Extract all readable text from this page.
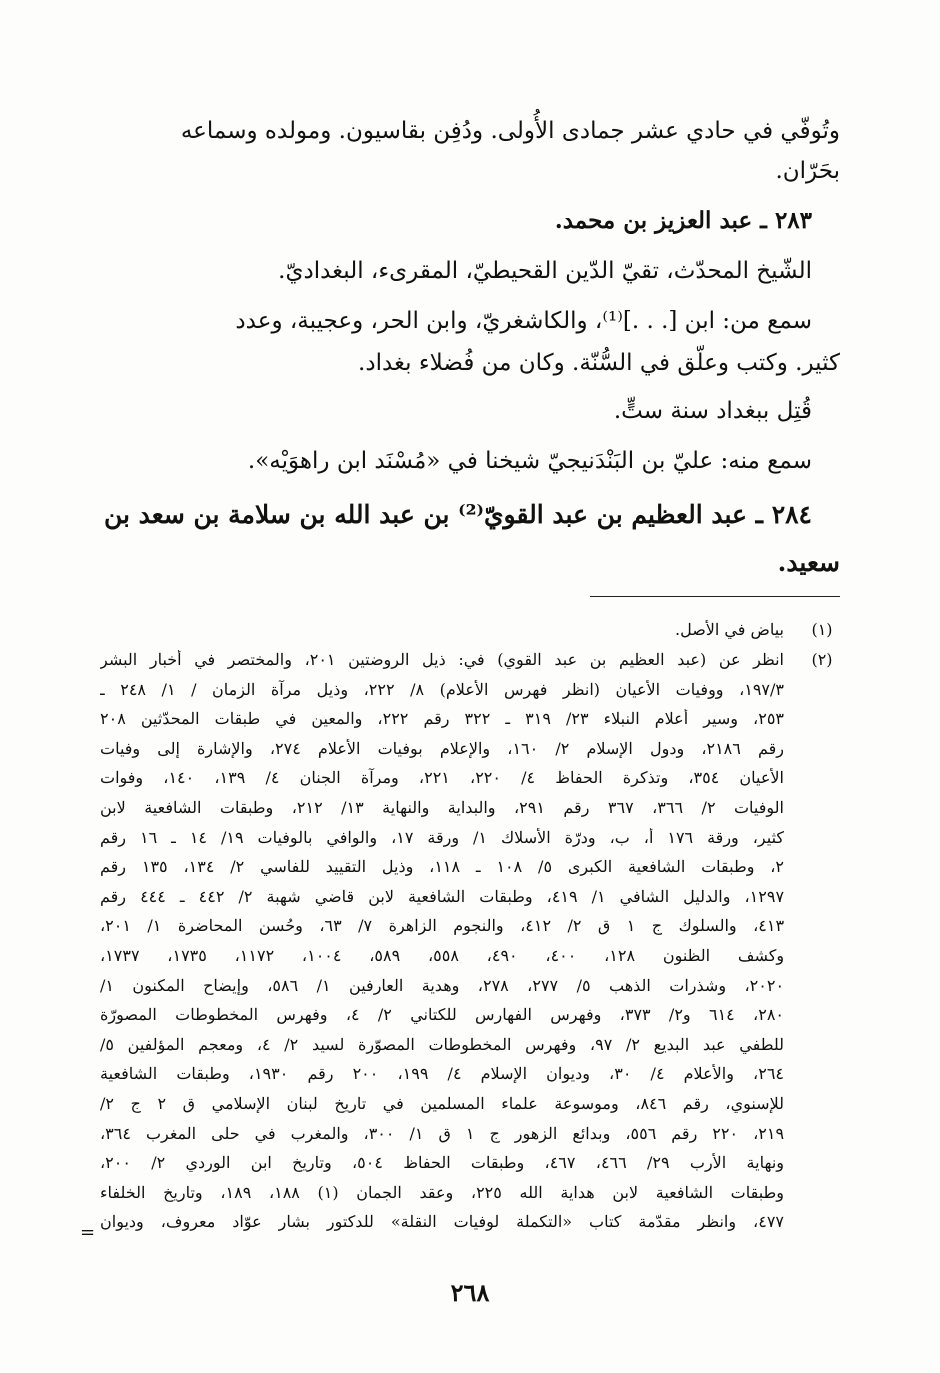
وتُوفّي في حادي عشر جمادى الأُولى. ودُفِن بقاسيون. ومولده وسماعه
بحَرّان.
٢٨٣ ـ عبد العزيز بن محمد.
الشّيخ المحدّث، تقيّ الدّين القحيطيّ، المقرىء، البغداديّ.
سمع من: ابن [. . .]⁽¹⁾، والكاشغريّ، وابن الحر، وعجيبة، وعدد
كثير. وكتب وعلّق في السُّنّة. وكان من فُضلاء بغداد.
قُتِل ببغداد سنة ستٍّ.
سمع منه: عليّ بن البَنْدَنيجيّ شيخنا في «مُسْنَد ابن راهوَيْه».
٢٨٤ ـ عبد العظيم بن عبد القويّ⁽²⁾ بن عبد الله بن سلامة بن سعد بن
سعيد.
(١)
بياض في الأصل.
(٢)
انظر عن (عبد العظيم بن عبد القوي) في: ذيل الروضتين ٢٠١، والمختصر في أخبار البشر
١٩٧/٣، ووفيات الأعيان (انظر فهرس الأعلام) ٨/ ٢٢٢، وذيل مرآة الزمان / ١/ ٢٤٨ ـ
٢٥٣، وسير أعلام النبلاء ٢٣/ ٣١٩ ـ ٣٢٢ رقم ٢٢٢، والمعين في طبقات المحدّثين ٢٠٨
رقم ٢١٨٦، ودول الإسلام ٢/ ١٦٠، والإعلام بوفيات الأعلام ٢٧٤، والإشارة إلى وفيات
الأعيان ٣٥٤، وتذكرة الحفاظ ٤/ ٢٢٠، ٢٢١، ومرآة الجنان ٤/ ١٣٩، ١٤٠، وفوات
الوفيات ٢/ ٣٦٦، ٣٦٧ رقم ٢٩١، والبداية والنهاية ١٣/ ٢١٢، وطبقات الشافعية لابن
كثير، ورقة ١٧٦ أ، ب، ودرّة الأسلاك ١/ ورقة ١٧، والوافي بالوفيات ١٩/ ١٤ ـ ١٦ رقم
٢، وطبقات الشافعية الكبرى ٥/ ١٠٨ ـ ١١٨، وذيل التقييد للفاسي ٢/ ١٣٤، ١٣٥ رقم
١٢٩٧، والدليل الشافي ١/ ٤١٩، وطبقات الشافعية لابن قاضي شهبة ٢/ ٤٤٢ ـ ٤٤٤ رقم
٤١٣، والسلوك ج ١ ق ٢/ ٤١٢، والنجوم الزاهرة ٧/ ٦٣، وحُسن المحاضرة ١/ ٢٠١،
وكشف الظنون ١٢٨، ٤٠٠، ٤٩٠، ٥٥٨، ٥٨٩، ١٠٠٤، ١١٧٢، ١٧٣٥، ١٧٣٧،
٢٠٢٠، وشذرات الذهب ٥/ ٢٧٧، ٢٧٨، وهدية العارفين ١/ ٥٨٦، وإيضاح المكنون ١/
٢٨٠، ٦١٤ و٢/ ٣٧٣، وفهرس الفهارس للكتاني ٢/ ٤، وفهرس المخطوطات المصورّة
للطفي عبد البديع ٢/ ٩٧، وفهرس المخطوطات المصوّرة لسيد ٢/ ٤، ومعجم المؤلفين ٥/
٢٦٤، والأعلام ٤/ ٣٠، وديوان الإسلام ٤/ ١٩٩، ٢٠٠ رقم ١٩٣٠، وطبقات الشافعية
للإسنوي، رقم ٨٤٦، وموسوعة علماء المسلمين في تاريخ لبنان الإسلامي ق ٢ ج ٢/
٢١٩، ٢٢٠ رقم ٥٥٦، وبدائع الزهور ج ١ ق ١/ ٣٠٠، والمغرب في حلى المغرب ٣٦٤،
ونهاية الأرب ٢٩/ ٤٦٦، ٤٦٧، وطبقات الحفاظ ٥٠٤، وتاريخ ابن الوردي ٢/ ٢٠٠،
وطبقات الشافعية لابن هداية الله ٢٢٥، وعقد الجمان (١) ١٨٨، ١٨٩، وتاريخ الخلفاء
٤٧٧، وانظر مقدّمة كتاب «التكملة لوفيات النقلة» للدكتور بشار عوّاد معروف، وديوان
=
٢٦٨
